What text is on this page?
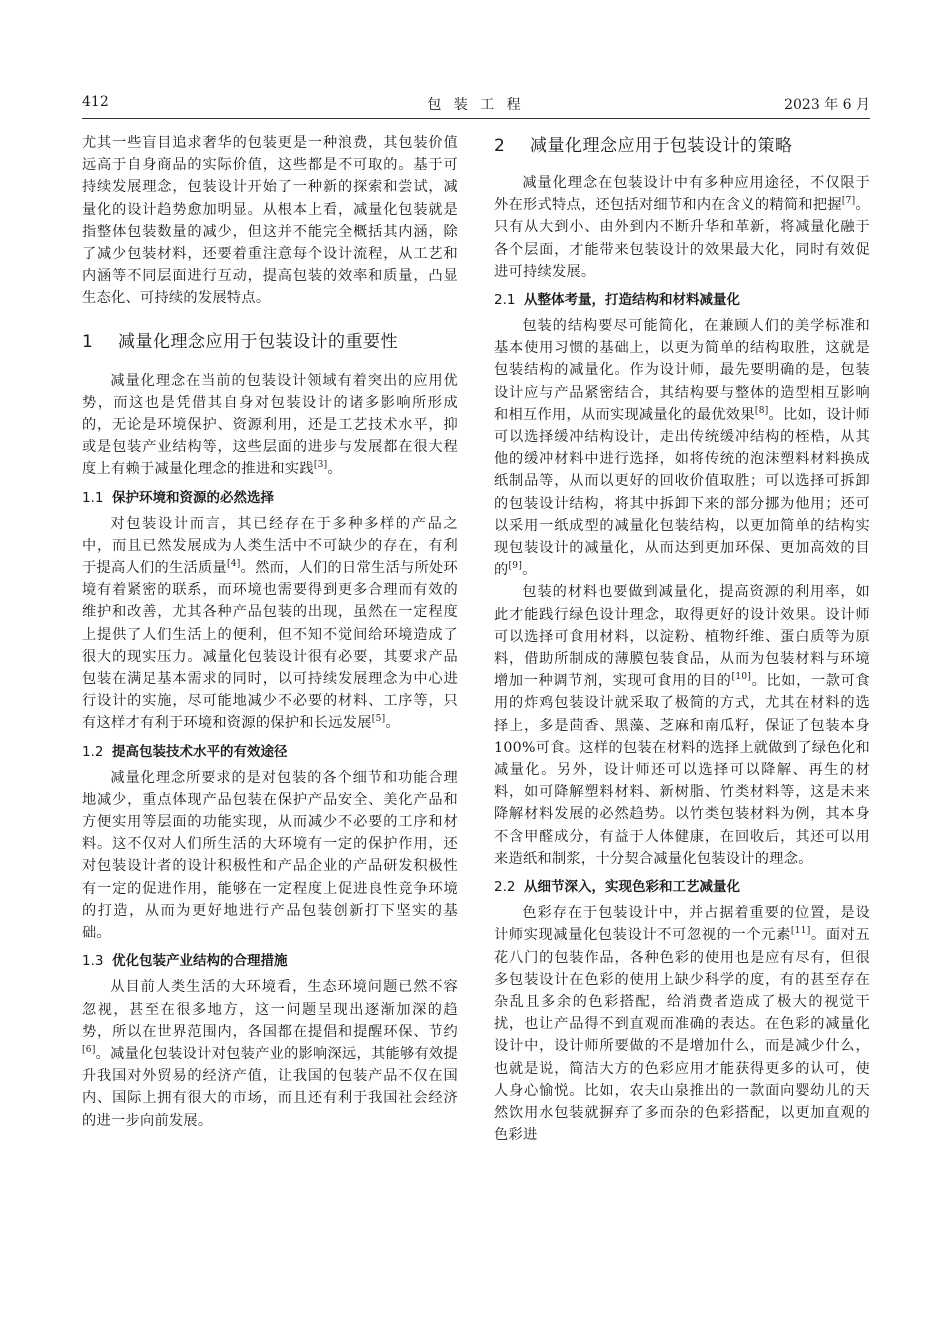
412	包 装 工 程	2023 年 6 月

尤其一些盲目追求奢华的包装更是一种浪费，其包装价值远高于自身商品的实际价值，这些都是不可取的。基于可持续发展理念，包装设计开始了一种新的探索和尝试，减量化的设计趋势愈加明显。从根本上看，减量化包装就是指整体包装数量的减少，但这并不能完全概括其内涵，除了减少包装材料，还要着重注意每个设计流程，从工艺和内涵等不同层面进行互动，提高包装的效率和质量，凸显生态化、可持续的发展特点。

1 减量化理念应用于包装设计的重要性

减量化理念在当前的包装设计领域有着突出的应用优势，而这也是凭借其自身对包装设计的诸多影响所形成的，无论是环境保护、资源利用，还是工艺技术水平，抑或是包装产业结构等，这些层面的进步与发展都在很大程度上有赖于减量化理念的推进和实践[3]。

1.1 保护环境和资源的必然选择

对包装设计而言，其已经存在于多种多样的产品之中，而且已然发展成为人类生活中不可缺少的存在，有利于提高人们的生活质量[4]。然而，人们的日常生活与所处环境有着紧密的联系，而环境也需要得到更多合理而有效的维护和改善，尤其各种产品包装的出现，虽然在一定程度上提供了人们生活上的便利，但不知不觉间给环境造成了很大的现实压力。减量化包装设计很有必要，其要求产品包装在满足基本需求的同时，以可持续发展理念为中心进行设计的实施，尽可能地减少不必要的材料、工序等，只有这样才有利于环境和资源的保护和长远发展[5]。

1.2 提高包装技术水平的有效途径

减量化理念所要求的是对包装的各个细节和功能合理地减少，重点体现产品包装在保护产品安全、美化产品和方便实用等层面的功能实现，从而减少不必要的工序和材料。这不仅对人们所生活的大环境有一定的保护作用，还对包装设计者的设计积极性和产品企业的产品研发积极性有一定的促进作用，能够在一定程度上促进良性竞争环境的打造，从而为更好地进行产品包装创新打下坚实的基础。

1.3 优化包装产业结构的合理措施

从目前人类生活的大环境看，生态环境问题已然不容忽视，甚至在很多地方，这一问题呈现出逐渐加深的趋势，所以在世界范围内，各国都在提倡和提醒环保、节约[6]。减量化包装设计对包装产业的影响深远，其能够有效提升我国对外贸易的经济产值，让我国的包装产品不仅在国内、国际上拥有很大的市场，而且还有利于我国社会经济的进一步向前发展。

2 减量化理念应用于包装设计的策略

减量化理念在包装设计中有多种应用途径，不仅限于外在形式特点，还包括对细节和内在含义的精简和把握[7]。只有从大到小、由外到内不断升华和革新，将减量化融于各个层面，才能带来包装设计的效果最大化，同时有效促进可持续发展。

2.1 从整体考量，打造结构和材料减量化

包装的结构要尽可能简化，在兼顾人们的美学标准和基本使用习惯的基础上，以更为简单的结构取胜，这就是包装结构的减量化。作为设计师，最先要明确的是，包装设计应与产品紧密结合，其结构要与整体的造型相互影响和相互作用，从而实现减量化的最优效果[8]。比如，设计师可以选择缓冲结构设计，走出传统缓冲结构的桎梏，从其他的缓冲材料中进行选择，如将传统的泡沫塑料材料换成纸制品等，从而以更好的回收价值取胜；可以选择可拆卸的包装设计结构，将其中拆卸下来的部分挪为他用；还可以采用一纸成型的减量化包装结构，以更加简单的结构实现包装设计的减量化，从而达到更加环保、更加高效的目的[9]。

包装的材料也要做到减量化，提高资源的利用率，如此才能践行绿色设计理念，取得更好的设计效果。设计师可以选择可食用材料，以淀粉、植物纤维、蛋白质等为原料，借助所制成的薄膜包装食品，从而为包装材料与环境增加一种调节剂，实现可食用的目的[10]。比如，一款可食用的炸鸡包装设计就采取了极简的方式，尤其在材料的选择上，多是茴香、黑藻、芝麻和南瓜籽，保证了包装本身 100%可食。这样的包装在材料的选择上就做到了绿色化和减量化。另外，设计师还可以选择可以降解、再生的材料，如可降解塑料材料、新树脂、竹类材料等，这是未来降解材料发展的必然趋势。以竹类包装材料为例，其本身不含甲醛成分，有益于人体健康，在回收后，其还可以用来造纸和制浆，十分契合减量化包装设计的理念。

2.2 从细节深入，实现色彩和工艺减量化

色彩存在于包装设计中，并占据着重要的位置，是设计师实现减量化包装设计不可忽视的一个元素[11]。面对五花八门的包装作品，各种色彩的使用也是应有尽有，但很多包装设计在色彩的使用上缺少科学的度，有的甚至存在杂乱且多余的色彩搭配，给消费者造成了极大的视觉干扰，也让产品得不到直观而准确的表达。在色彩的减量化设计中，设计师所要做的不是增加什么，而是减少什么，也就是说，简洁大方的色彩应用才能获得更多的认可，使人身心愉悦。比如，农夫山泉推出的一款面向婴幼儿的天然饮用水包装就摒弃了多而杂的色彩搭配，以更加直观的色彩进
